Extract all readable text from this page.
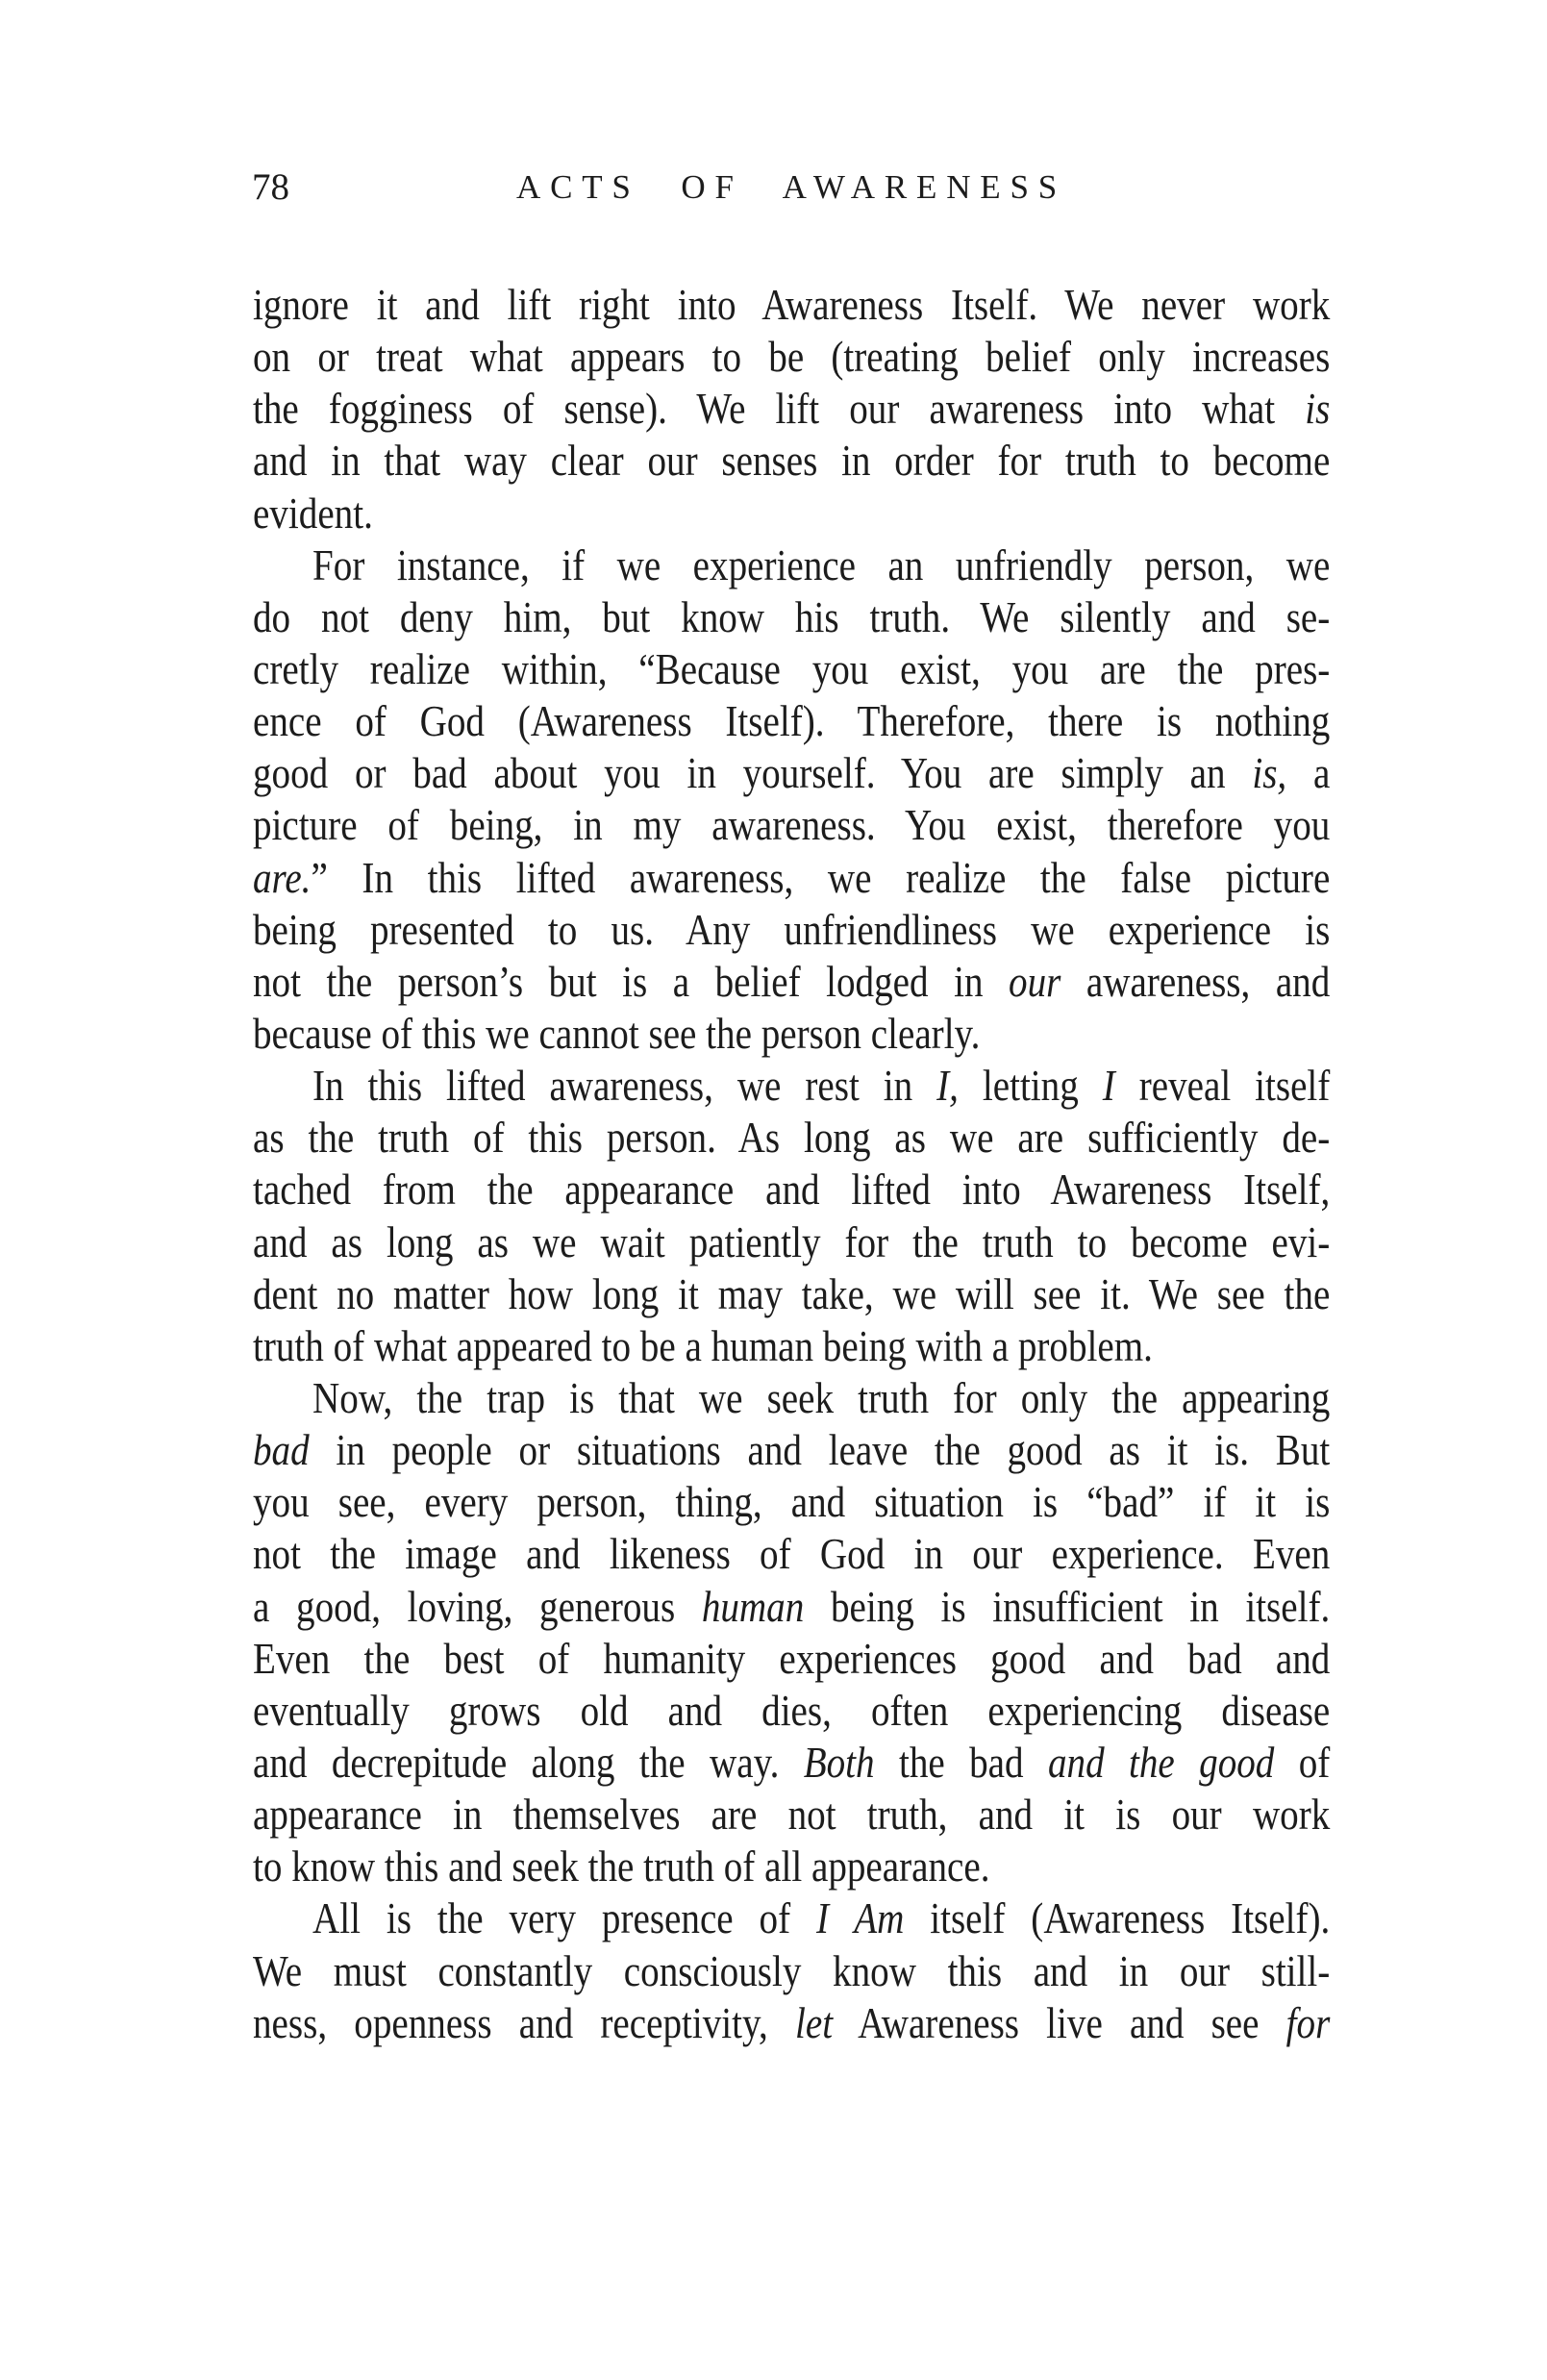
78	ACTS OF AWARENESS
ignore it and lift right into Awareness Itself. We never work
on or treat what appears to be (treating belief only increases
the fogginess of sense). We lift our awareness into what is
and in that way clear our senses in order for truth to become
evident.
For instance, if we experience an unfriendly person, we
do not deny him, but know his truth. We silently and se-
cretly realize within, “Because you exist, you are the pres-
ence of God (Awareness Itself). Therefore, there is nothing
good or bad about you in yourself. You are simply an is, a
picture of being, in my awareness. You exist, therefore you
are.” In this lifted awareness, we realize the false picture
being presented to us. Any unfriendliness we experience is
not the person’s but is a belief lodged in our awareness, and
because of this we cannot see the person clearly.
In this lifted awareness, we rest in I, letting I reveal itself
as the truth of this person. As long as we are sufficiently de-
tached from the appearance and lifted into Awareness Itself,
and as long as we wait patiently for the truth to become evi-
dent no matter how long it may take, we will see it. We see the
truth of what appeared to be a human being with a problem.
Now, the trap is that we seek truth for only the appearing
bad in people or situations and leave the good as it is. But
you see, every person, thing, and situation is “bad” if it is
not the image and likeness of God in our experience. Even
a good, loving, generous human being is insufficient in itself.
Even the best of humanity experiences good and bad and
eventually grows old and dies, often experiencing disease
and decrepitude along the way. Both the bad and the good of
appearance in themselves are not truth, and it is our work
to know this and seek the truth of all appearance.
All is the very presence of I Am itself (Awareness Itself).
We must constantly consciously know this and in our still-
ness, openness and receptivity, let Awareness live and see for
